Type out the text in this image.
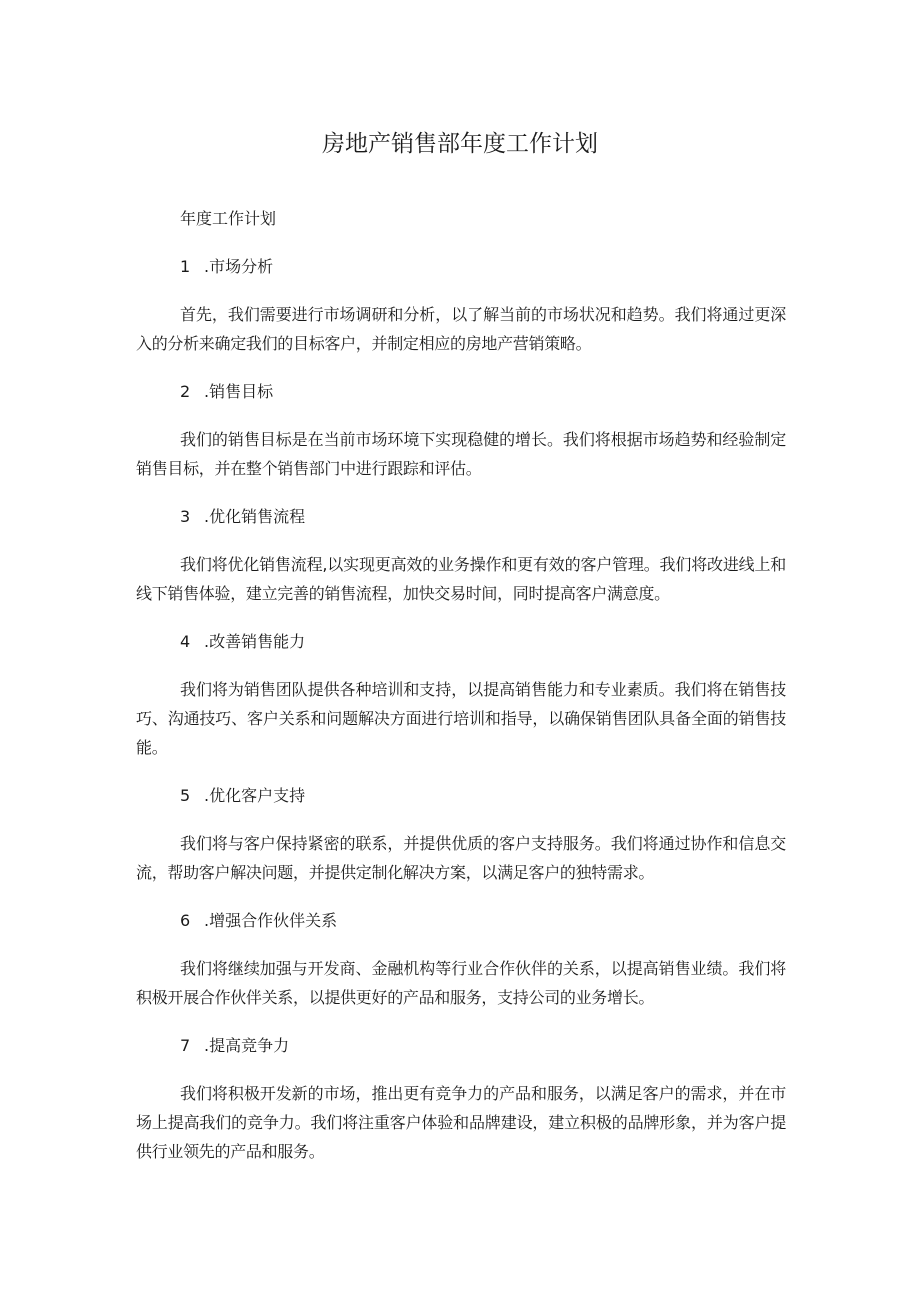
房地产销售部年度工作计划

年度工作计划

1 .市场分析

首先，我们需要进行市场调研和分析，以了解当前的市场状况和趋势。我们将通过更深入的分析来确定我们的目标客户，并制定相应的房地产营销策略。

2 .销售目标

我们的销售目标是在当前市场环境下实现稳健的增长。我们将根据市场趋势和经验制定销售目标，并在整个销售部门中进行跟踪和评估。

3 .优化销售流程

我们将优化销售流程,以实现更高效的业务操作和更有效的客户管理。我们将改进线上和线下销售体验，建立完善的销售流程，加快交易时间，同时提高客户满意度。

4 .改善销售能力

我们将为销售团队提供各种培训和支持，以提高销售能力和专业素质。我们将在销售技巧、沟通技巧、客户关系和问题解决方面进行培训和指导，以确保销售团队具备全面的销售技能。

5 .优化客户支持

我们将与客户保持紧密的联系，并提供优质的客户支持服务。我们将通过协作和信息交流，帮助客户解决问题，并提供定制化解决方案，以满足客户的独特需求。

6 .增强合作伙伴关系

我们将继续加强与开发商、金融机构等行业合作伙伴的关系，以提高销售业绩。我们将积极开展合作伙伴关系，以提供更好的产品和服务，支持公司的业务增长。

7 .提高竞争力

我们将积极开发新的市场，推出更有竞争力的产品和服务，以满足客户的需求，并在市场上提高我们的竞争力。我们将注重客户体验和品牌建设，建立积极的品牌形象，并为客户提供行业领先的产品和服务。
